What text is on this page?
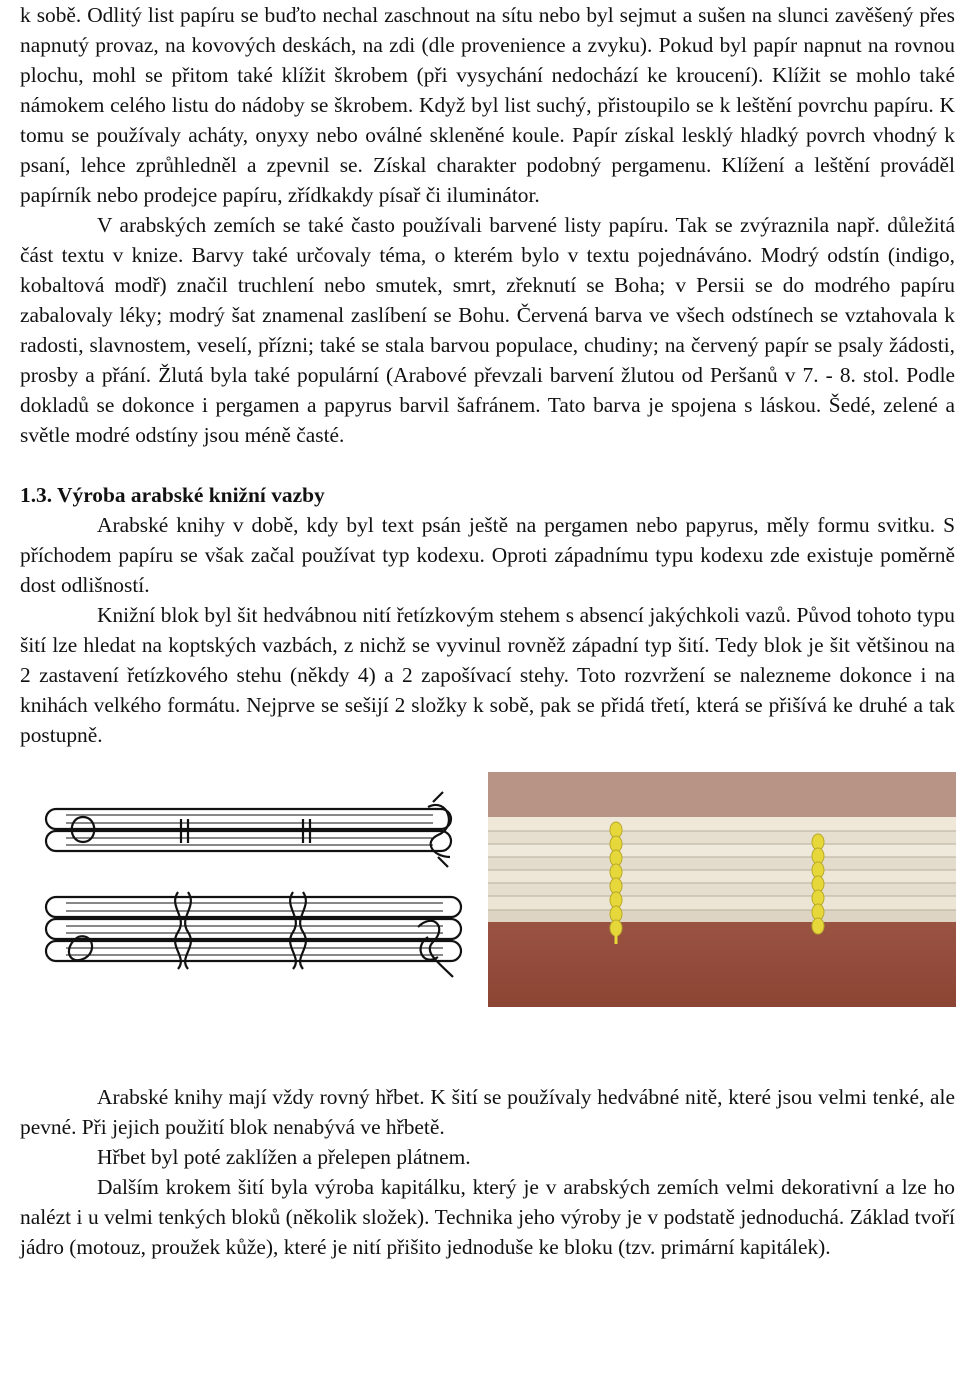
k sobě. Odlitý list papíru se buďto nechal zaschnout na sítu nebo byl sejmut a sušen na slunci zavěšený přes napnutý provaz, na kovových deskách, na zdi (dle provenience a zvyku). Pokud byl papír napnut na rovnou plochu, mohl se přitom také klížit škrobem (při vysychání nedochází ke kroucení). Klížit se mohlo také námokem celého listu do nádoby se škrobem. Když byl list suchý, přistoupilo se k leštění povrchu papíru. K tomu se používaly acháty, onyxy nebo oválné skleněné koule. Papír získal lesklý hladký povrch vhodný k psaní, lehce zprůhledněl a zpevnil se. Získal charakter podobný pergamenu. Klížení a leštění prováděl papírník nebo prodejce papíru, zřídkakdy písař či iluminátor.

V arabských zemích se také často používali barvené listy papíru. Tak se zvýraznila např. důležitá část textu v knize. Barvy také určovaly téma, o kterém bylo v textu pojednáváno. Modrý odstín (indigo, kobaltová modř) značil truchlení nebo smutek, smrt, zřeknutí se Boha; v Persii se do modrého papíru zabalovaly léky; modrý šat znamenal zaslíbení se Bohu. Červená barva ve všech odstínech se vztahovala k radosti, slavnostem, veselí, přízni; také se stala barvou populace, chudiny; na červený papír se psaly žádosti, prosby a přání. Žlutá byla také populární (Arabové převzali barvení žlutou od Peršanů v 7. - 8. stol. Podle dokladů se dokonce i pergamen a papyrus barvil šafránem. Tato barva je spojena s láskou. Šedé, zelené a světle modré odstíny jsou méně časté.

1.3. Výroba arabské knižní vazby

Arabské knihy v době, kdy byl text psán ještě na pergamen nebo papyrus, měly formu svitku. S příchodem papíru se však začal používat typ kodexu. Oproti západnímu typu kodexu zde existuje poměrně dost odlišností.

Knižní blok byl šit hedvábnou nití řetízkovým stehem s absencí jakýchkoli vazů. Původ tohoto typu šití lze hledat na koptských vazbách, z nichž se vyvinul rovněž západní typ šití. Tedy blok je šit většinou na 2 zastavení řetízkového stehu (někdy 4) a 2 zapošívací stehy. Toto rozvržení se nalezneme dokonce i na knihách velkého formátu. Nejprve se sešijí 2 složky k sobě, pak se přidá třetí, která se přišívá ke druhé a tak postupně.

Arabské knihy mají vždy rovný hřbet. K šití se používaly hedvábné nitě, které jsou velmi tenké, ale pevné. Při jejich použití blok nenabývá ve hřbetě.

Hřbet byl poté zaklížen a přelepen plátnem.

Dalším krokem šití byla výroba kapitálku, který je v arabských zemích velmi dekorativní a lze ho nalézt i u velmi tenkých bloků (několik složek). Technika jeho výroby je v podstatě jednoduchá. Základ tvoří jádro (motouz, proužek kůže), které je nití přišito jednoduše ke bloku (tzv. primární kapitálek).
